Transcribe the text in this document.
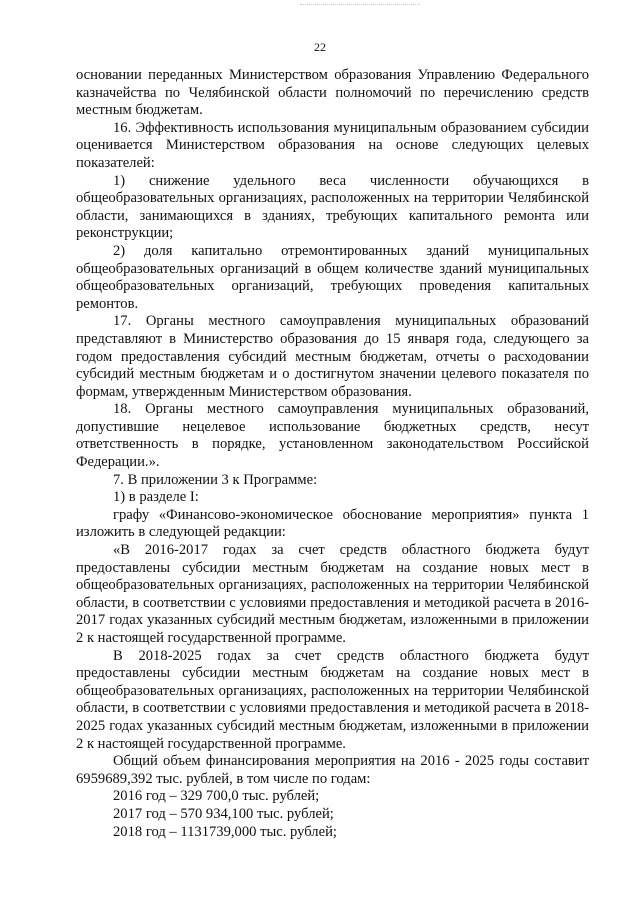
22

основании переданных Министерством образования Управлению Федерального казначейства по Челябинской области полномочий по перечислению средств местным бюджетам.

16. Эффективность использования муниципальным образованием субсидии оценивается Министерством образования на основе следующих целевых показателей:

1) снижение удельного веса численности обучающихся в общеобразовательных организациях, расположенных на территории Челябинской области, занимающихся в зданиях, требующих капитального ремонта или реконструкции;

2) доля капитально отремонтированных зданий муниципальных общеобразовательных организаций в общем количестве зданий муниципальных общеобразовательных организаций, требующих проведения капитальных ремонтов.

17. Органы местного самоуправления муниципальных образований представляют в Министерство образования до 15 января года, следующего за годом предоставления субсидий местным бюджетам, отчеты о расходовании субсидий местным бюджетам и о достигнутом значении целевого показателя по формам, утвержденным Министерством образования.

18. Органы местного самоуправления муниципальных образований, допустившие нецелевое использование бюджетных средств, несут ответственность в порядке, установленном законодательством Российской Федерации.».

7. В приложении 3 к Программе:

1) в разделе I:

графу «Финансово-экономическое обоснование мероприятия» пункта 1 изложить в следующей редакции:

«В 2016-2017 годах за счет средств областного бюджета будут предоставлены субсидии местным бюджетам на создание новых мест в общеобразовательных организациях, расположенных на территории Челябинской области, в соответствии с условиями предоставления и методикой расчета в 2016-2017 годах указанных субсидий местным бюджетам, изложенными в приложении 2 к настоящей государственной программе.

В 2018-2025 годах за счет средств областного бюджета будут предоставлены субсидии местным бюджетам на создание новых мест в общеобразовательных организациях, расположенных на территории Челябинской области, в соответствии с условиями предоставления и методикой расчета в 2018-2025 годах указанных субсидий местным бюджетам, изложенными в приложении 2 к настоящей государственной программе.

Общий объем финансирования мероприятия на 2016 - 2025 годы составит 6959689,392 тыс. рублей, в том числе по годам:

2016 год – 329 700,0 тыс. рублей;

2017 год – 570 934,100 тыс. рублей;

2018 год – 1131739,000 тыс. рублей;
